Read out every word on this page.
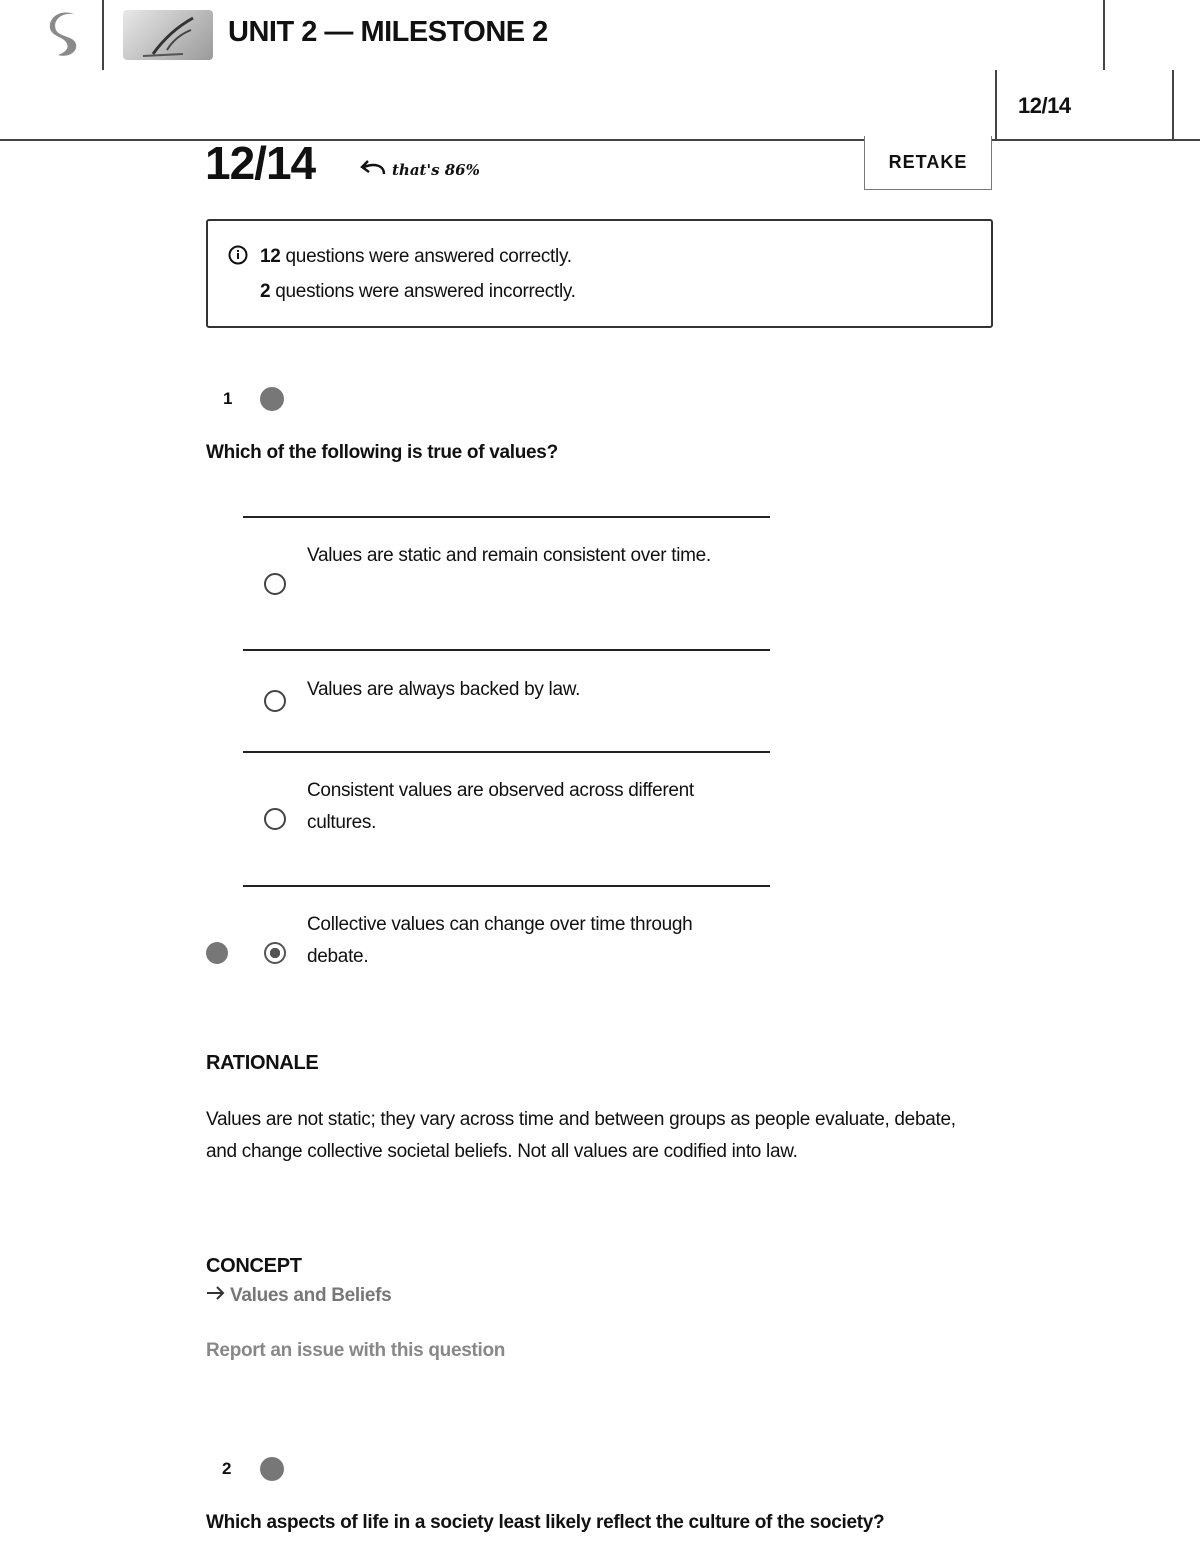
UNIT 2 — MILESTONE 2
12/14
12/14	that's 86%	RETAKE
12 questions were answered correctly.
2 questions were answered incorrectly.
1
Which of the following is true of values?
Values are static and remain consistent over time.
Values are always backed by law.
Consistent values are observed across different cultures.
Collective values can change over time through debate.
RATIONALE
Values are not static; they vary across time and between groups as people evaluate, debate, and change collective societal beliefs. Not all values are codified into law.
CONCEPT
Values and Beliefs
Report an issue with this question
2
Which aspects of life in a society least likely reflect the culture of the society?
